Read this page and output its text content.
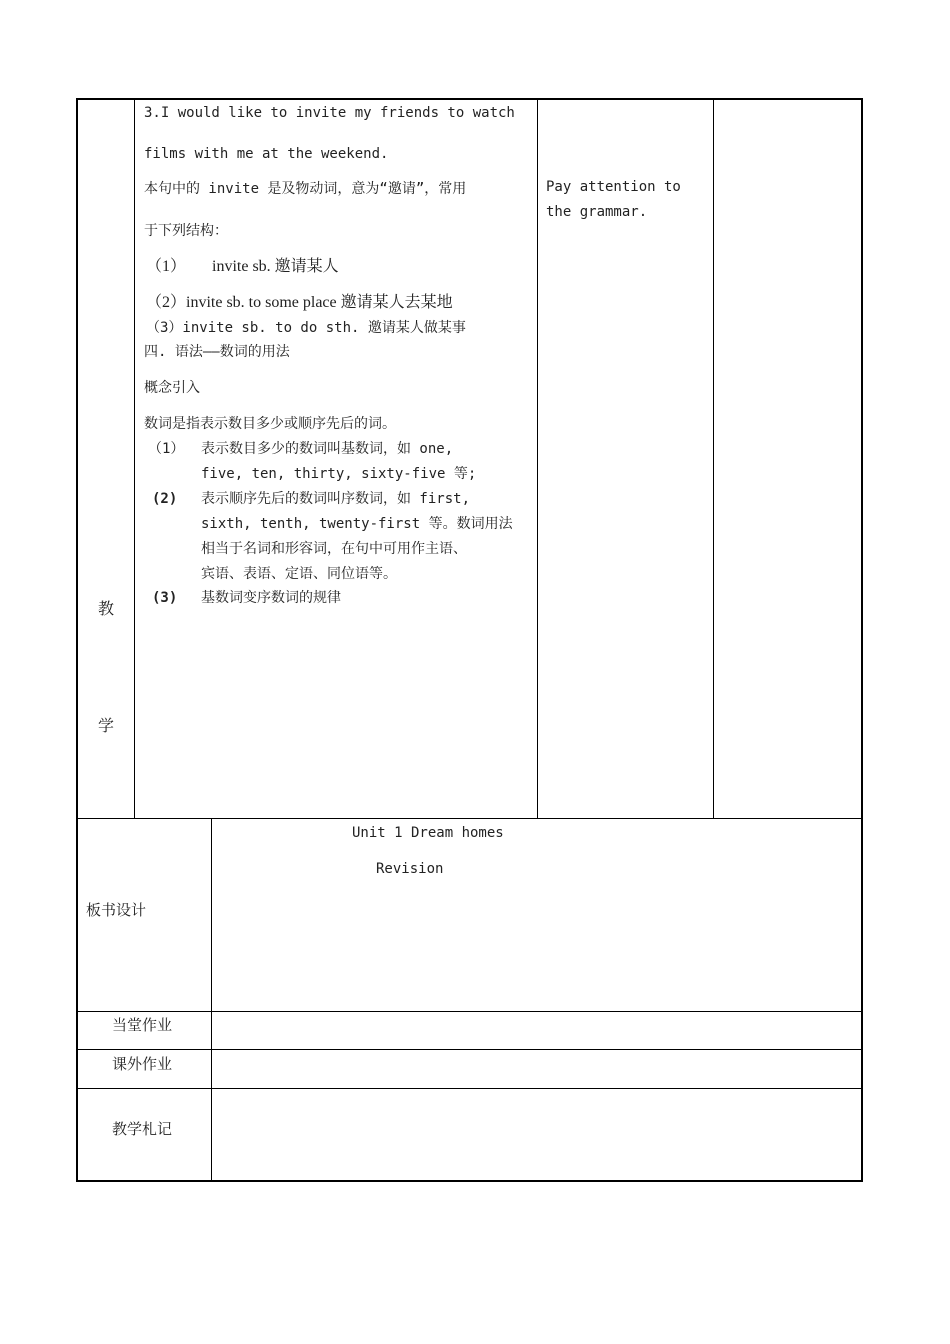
教
学
3.I would like to invite my friends to watch
films with me at the weekend.
本句中的 invite 是及物动词，意为“邀请”，常用
于下列结构：
（1） invite sb. 邀请某人
（2）invite sb. to some place 邀请某人去某地
（3）invite sb. to do sth. 邀请某人做某事
四. 语法——数词的用法
概念引入
数词是指表示数目多少或顺序先后的词。
（1） 表示数目多少的数词叫基数词，如 one,
five, ten, thirty, sixty-five 等;
(2) 表示顺序先后的数词叫序数词，如 first,
sixth, tenth, twenty-first 等。数词用法
相当于名词和形容词，在句中可用作主语、
宾语、表语、定语、同位语等。
(3) 基数词变序数词的规律
Pay attention to
the grammar.
板书设计
Unit 1 Dream homes
Revision
当堂作业
课外作业
教学札记
